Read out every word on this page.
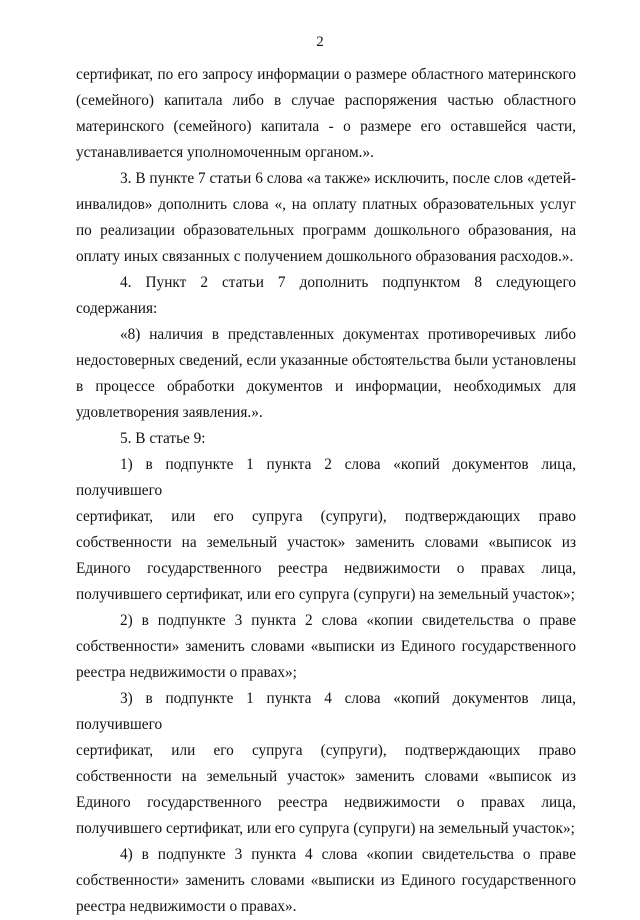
2

сертификат, по его запросу информации о размере областного материнского
(семейного) капитала либо в случае распоряжения частью областного
материнского (семейного) капитала - о размере его оставшейся части,
устанавливается уполномоченным органом.».

3. В пункте 7 статьи 6 слова «а также» исключить, после слов «детей-
инвалидов» дополнить слова «, на оплату платных образовательных услуг
по реализации образовательных программ дошкольного образования, на
оплату иных связанных с получением дошкольного образования расходов.».

4. Пункт 2 статьи 7 дополнить подпунктом 8 следующего содержания:

«8) наличия в представленных документах противоречивых либо
недостоверных сведений, если указанные обстоятельства были установлены
в процессе обработки документов и информации, необходимых для
удовлетворения заявления.».

5. В статье 9:

1) в подпункте 1 пункта 2 слова «копий документов лица, получившего
сертификат, или его супруга (супруги), подтверждающих право
собственности на земельный участок» заменить словами «выписок из
Единого государственного реестра недвижимости о правах лица,
получившего сертификат, или его супруга (супруги) на земельный участок»;

2) в подпункте 3 пункта 2 слова «копии свидетельства о праве
собственности» заменить словами «выписки из Единого государственного
реестра недвижимости о правах»;

3) в подпункте 1 пункта 4 слова «копий документов лица, получившего
сертификат, или его супруга (супруги), подтверждающих право
собственности на земельный участок» заменить словами «выписок из
Единого государственного реестра недвижимости о правах лица,
получившего сертификат, или его супруга (супруги) на земельный участок»;

4) в подпункте 3 пункта 4 слова «копии свидетельства о праве
собственности» заменить словами «выписки из Единого государственного
реестра недвижимости о правах».
